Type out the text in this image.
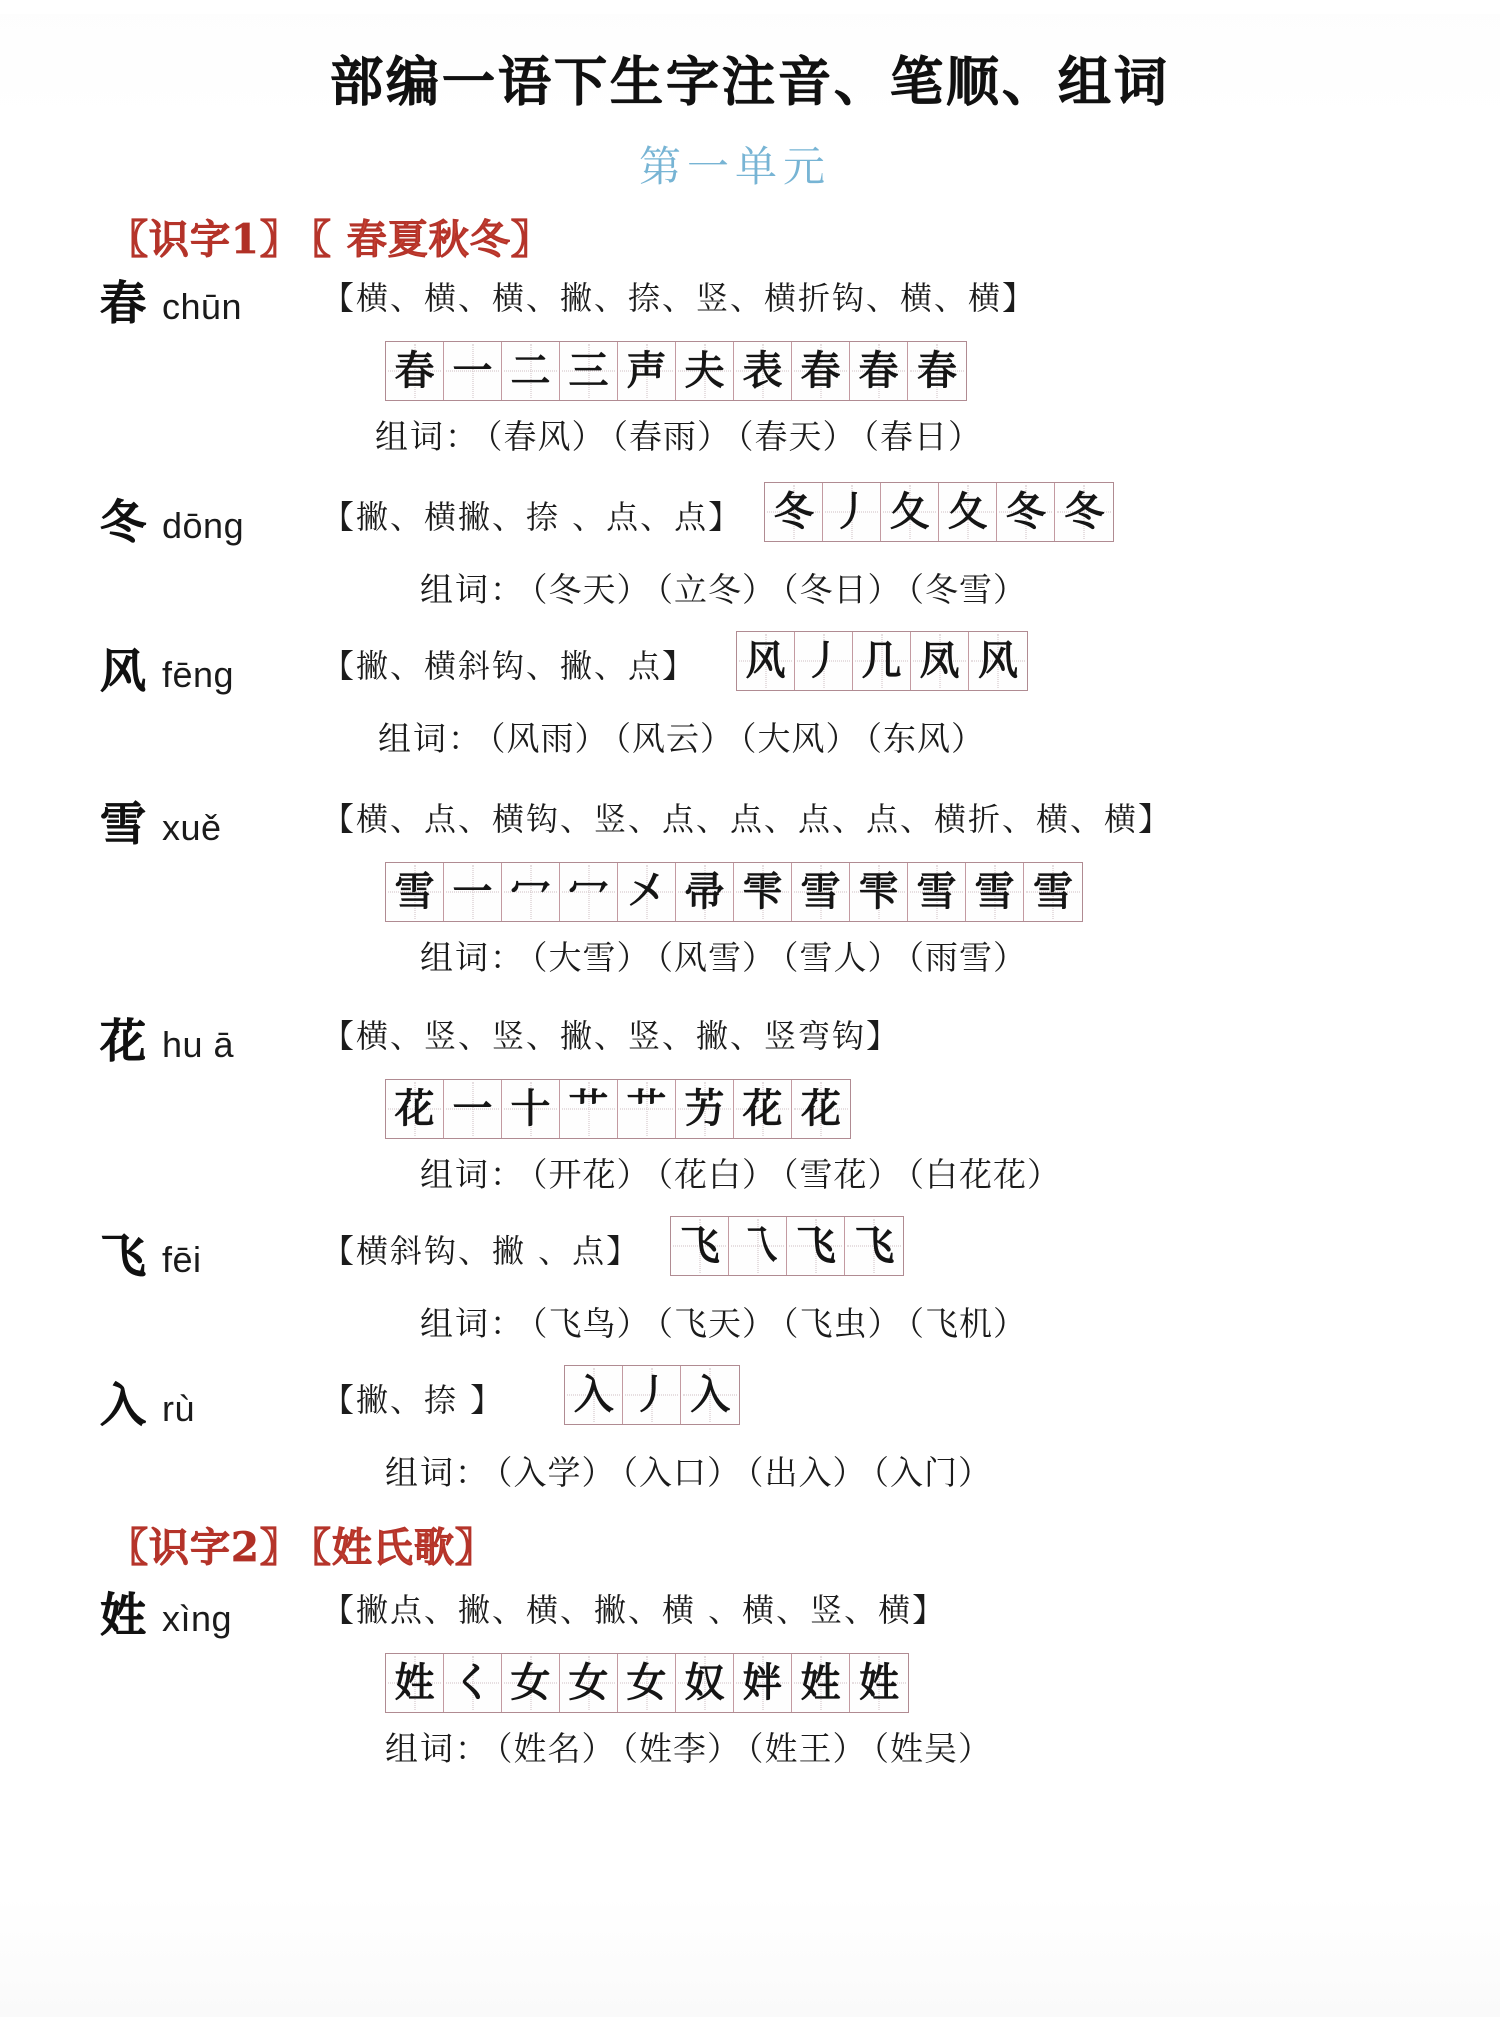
部编一语下生字注音、笔顺、组词
第一单元
〖识字1〗 〖 春夏秋冬〗
春 chūn 【横、横、横、撇、捺、竖、横折钩、横、横】
春 一 二 三 声 夫 表 春 春 春
组词： （春风） （春雨） （春天） （春日）
冬 dōng 【撇、横撇、捺 、点、点】 冬 丿 夂 夂 冬 冬
组词： （冬天） （立冬） （冬日） （冬雪）
风 fēng	【撇、横斜钩、撇、点】 风 丿 几 凤 风
组词： （风雨） （风云） （大风） （东风）
雪 xuě	【横、点、横钩、竖、点、点、点、点、横折、横、横】
雪 一 冖 冖 㐅 帚 雫 雪 雫 雪 雪 雪
组词： （大雪） （风雪） （雪人） （雨雪）
花 hu ā	【横、竖、竖、撇、竖、撇、竖弯钩】
花 一 十 艹 艹 艻 花 花
组词： （开花） （花白） （雪花） （白花花）
飞 fēi	【横斜钩、撇 、点】 飞 乁 飞 飞
组词： （飞鸟） （飞天） （飞虫） （飞机）
入 rù	【撇、捺 】 入 丿 入
组词： （入学） （入口） （出入） （入门）
〖识字2〗 〖姓氏歌〗
姓 xìng	【撇点、撇、横、撇、横 、横、竖、横】
姓 く 女 女 女 奴 姅 姓 姓
组词： （姓名） （姓李） （姓王） （姓吴）
